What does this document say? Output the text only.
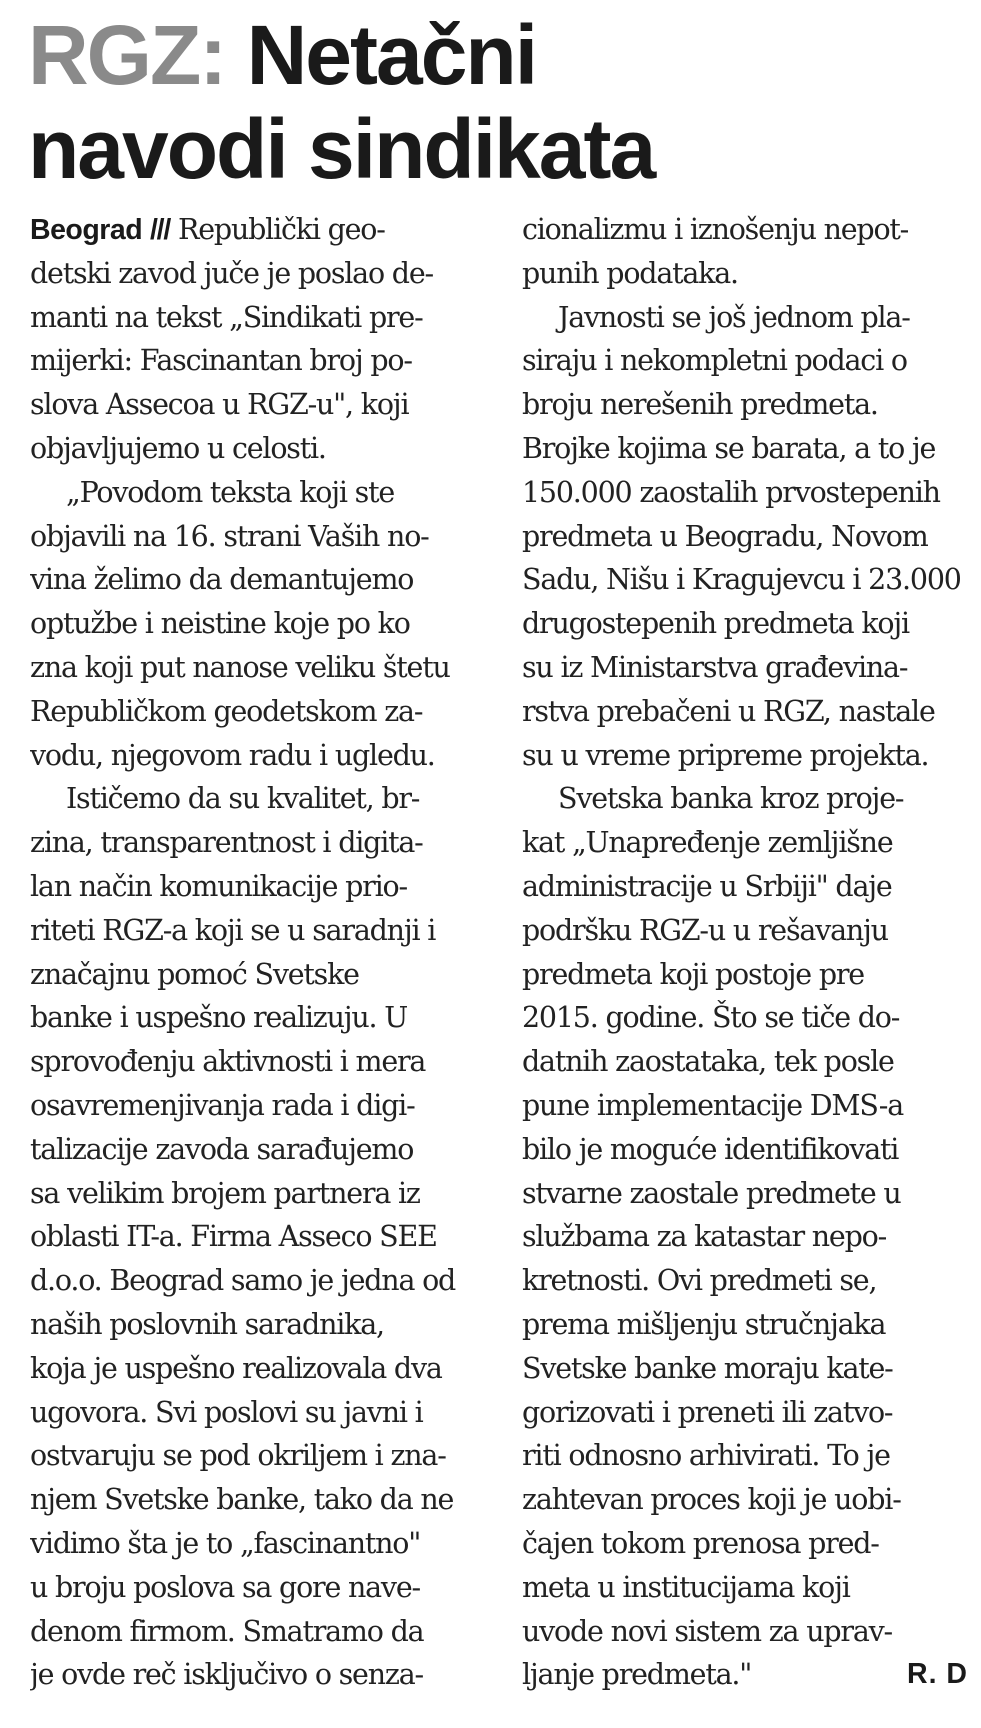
RGZ: Netačni
navodi sindikata
Beograd /// Republički geo-
detski zavod juče je poslao de-
manti na tekst „Sindikati pre-
mijerki: Fascinantan broj po-
slova Assecoa u RGZ-u", koji
objavljujemo u celosti.
„Povodom teksta koji ste
objavili na 16. strani Vaših no-
vina želimo da demantujemo
optužbe i neistine koje po ko
zna koji put nanose veliku štetu
Republičkom geodetskom za-
vodu, njegovom radu i ugledu.
Ističemo da su kvalitet, br-
zina, transparentnost i digita-
lan način komunikacije prio-
riteti RGZ-a koji se u saradnji i
značajnu pomoć Svetske
banke i uspešno realizuju. U
sprovođenju aktivnosti i mera
osavremenjivanja rada i digi-
talizacije zavoda sarađujemo
sa velikim brojem partnera iz
oblasti IT-a. Firma Asseco SEE
d.o.o. Beograd samo je jedna od
naših poslovnih saradnika,
koja je uspešno realizovala dva
ugovora. Svi poslovi su javni i
ostvaruju se pod okriljem i zna-
njem Svetske banke, tako da ne
vidimo šta je to „fascinantno"
u broju poslova sa gore nave-
denom firmom. Smatramo da
je ovde reč isključivo o senza-
cionalizmu i iznošenju nepot-
punih podataka.
Javnosti se još jednom pla-
siraju i nekompletni podaci o
broju nerešenih predmeta.
Brojke kojima se barata, a to je
150.000 zaostalih prvostepenih
predmeta u Beogradu, Novom
Sadu, Nišu i Kragujevcu i 23.000
drugostepenih predmeta koji
su iz Ministarstva građevina-
rstva prebačeni u RGZ, nastale
su u vreme pripreme projekta.
Svetska banka kroz proje-
kat „Unapređenje zemljišne
administracije u Srbiji" daje
podršku RGZ-u u rešavanju
predmeta koji postoje pre
2015. godine. Što se tiče do-
datnih zaostataka, tek posle
pune implementacije DMS-a
bilo je moguće identifikovati
stvarne zaostale predmete u
službama za katastar nepo-
kretnosti. Ovi predmeti se,
prema mišljenju stručnjaka
Svetske banke moraju kate-
gorizovati i preneti ili zatvo-
riti odnosno arhivirati. To je
zahtevan proces koji je uobi-
čajen tokom prenosa pred-
meta u institucijama koji
uvode novi sistem za uprav-
ljanje predmeta."	R. D
